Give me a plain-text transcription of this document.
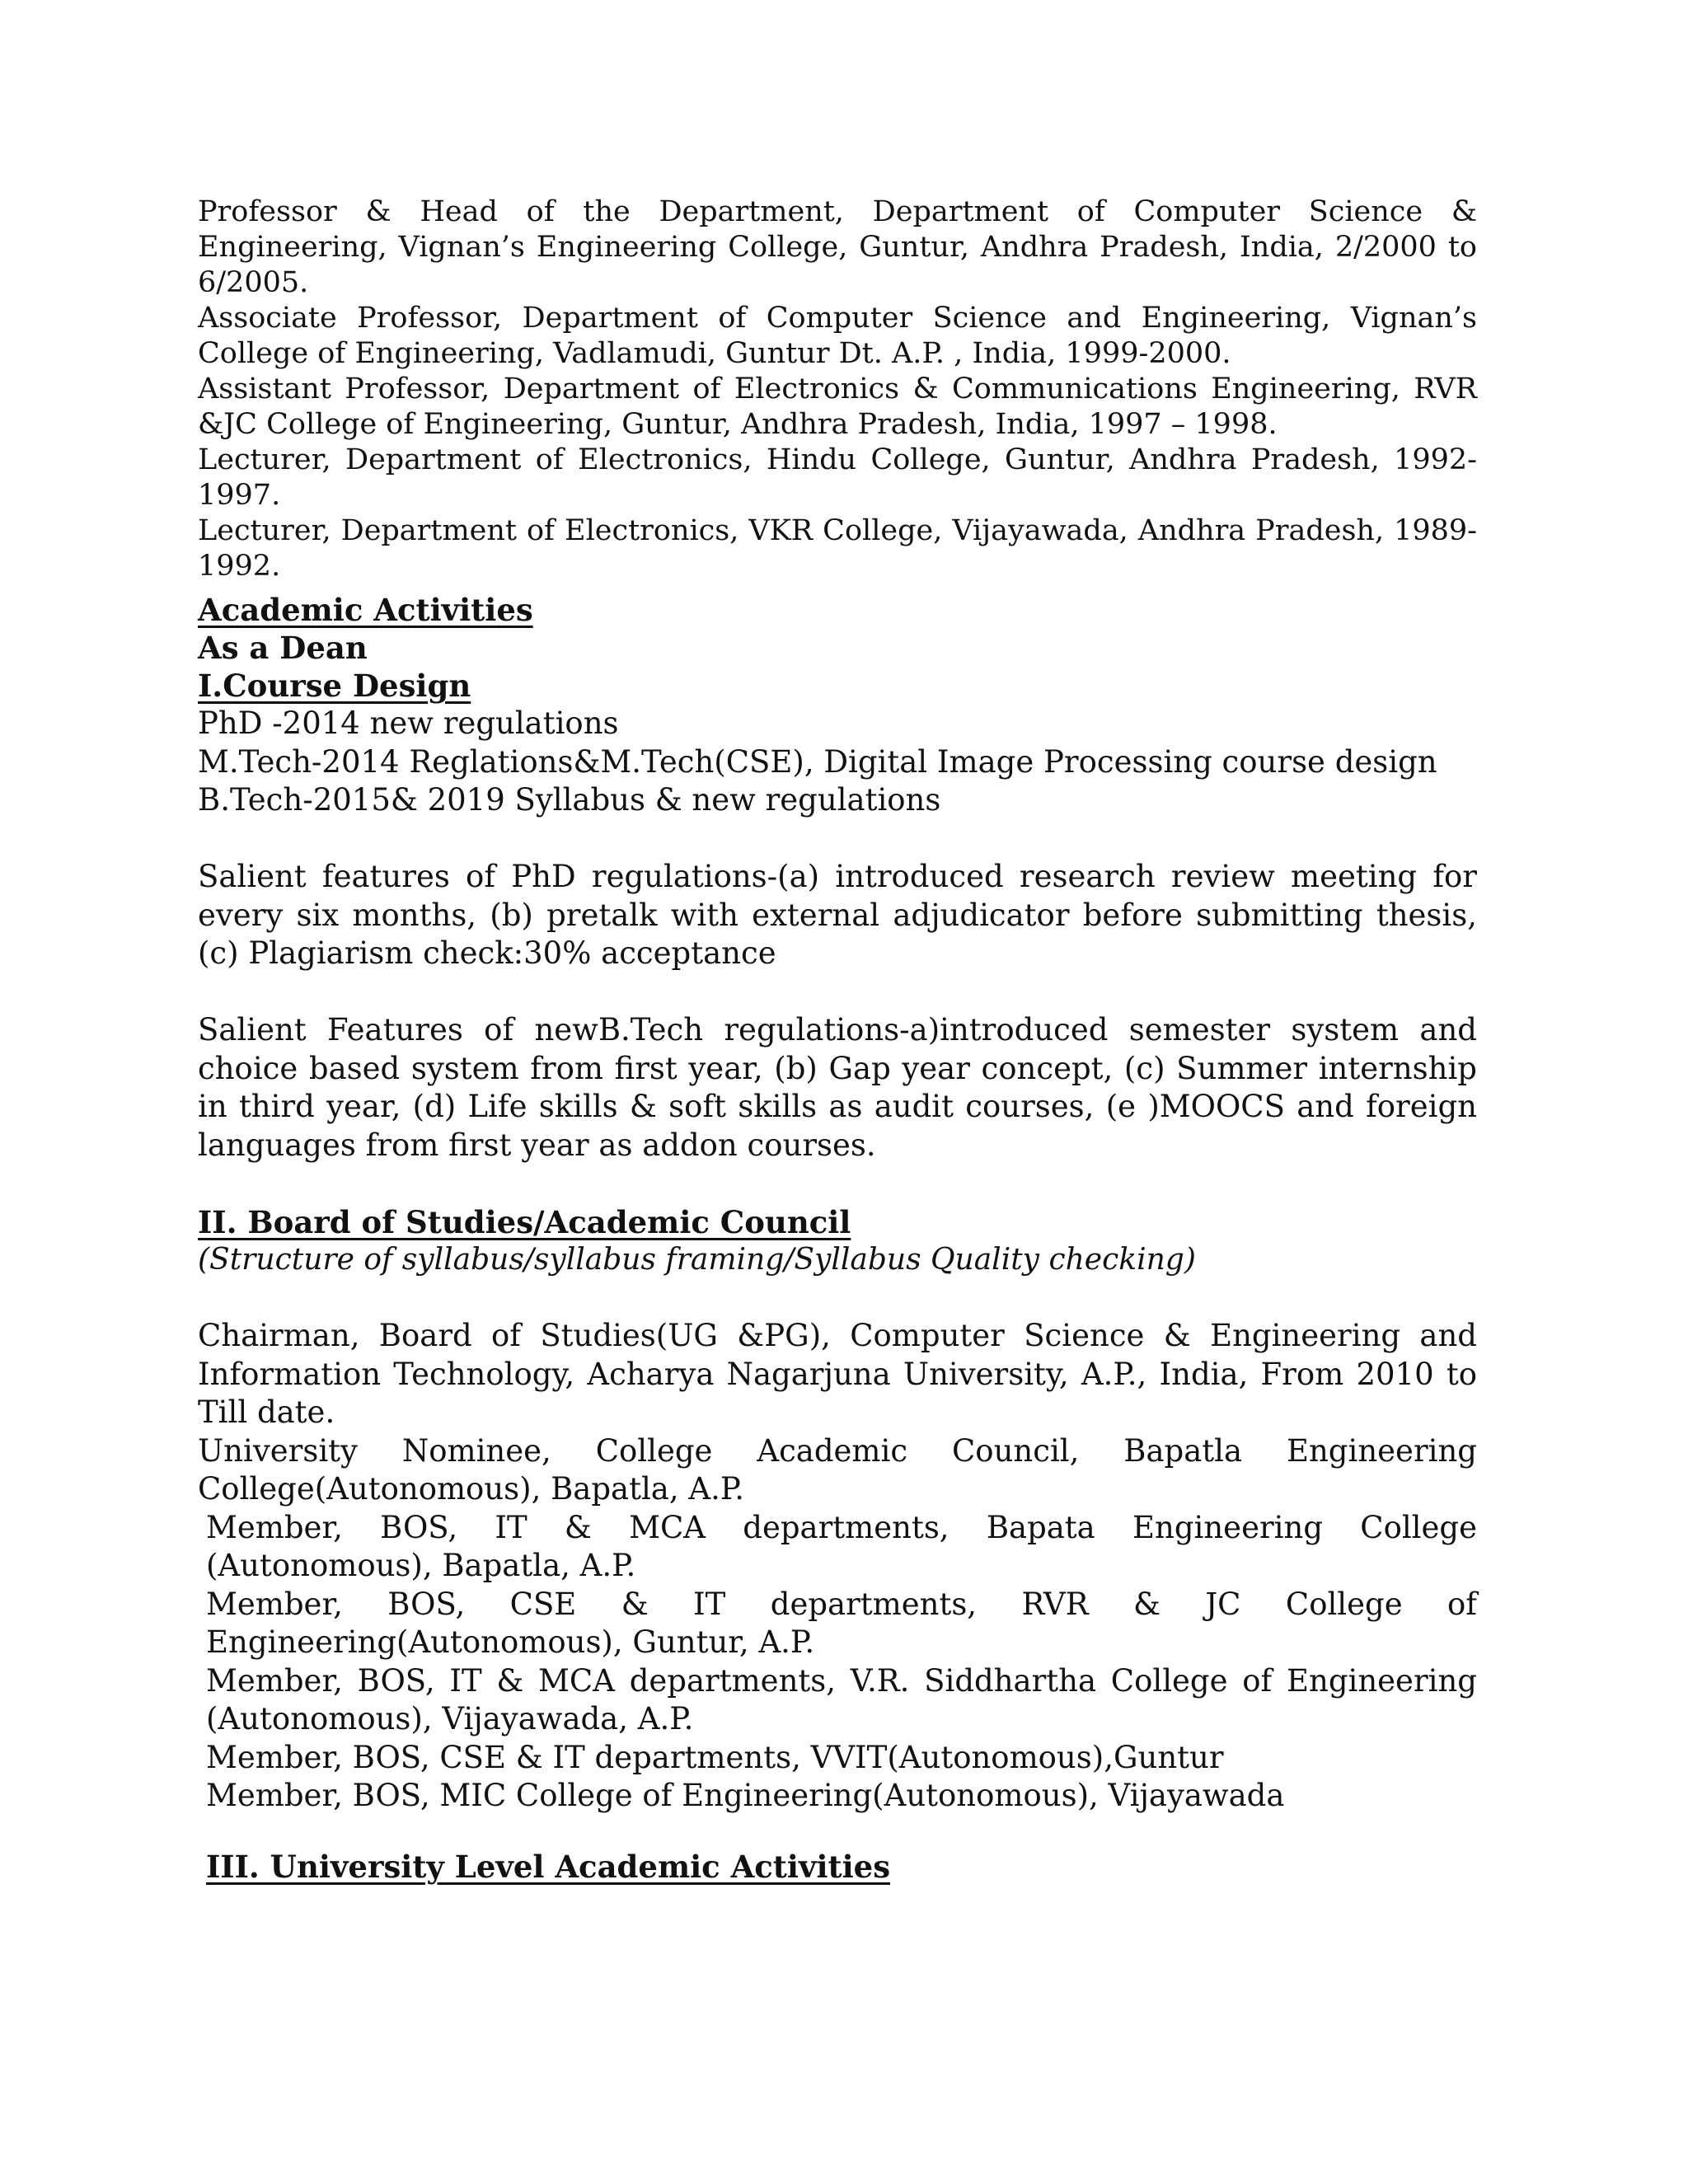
Professor & Head of the Department, Department of Computer Science & Engineering, Vignan’s Engineering College, Guntur, Andhra Pradesh, India, 2/2000 to 6/2005.

Associate Professor, Department of Computer Science and Engineering, Vignan’s College of Engineering, Vadlamudi, Guntur Dt. A.P. , India, 1999-2000.

Assistant Professor, Department of Electronics & Communications Engineering, RVR &JC College of Engineering, Guntur, Andhra Pradesh, India, 1997 – 1998.

Lecturer, Department of Electronics, Hindu College, Guntur, Andhra Pradesh, 1992-1997.

Lecturer, Department of Electronics, VKR College, Vijayawada, Andhra Pradesh, 1989-1992.

Academic Activities

As a Dean

I.Course Design

PhD -2014 new regulations

M.Tech-2014 Reglations&M.Tech(CSE), Digital Image Processing course design

B.Tech-2015& 2019 Syllabus & new regulations

Salient features of PhD regulations-(a) introduced research review meeting for every six months, (b) pretalk with external adjudicator before submitting thesis, (c) Plagiarism check:30% acceptance

Salient Features of newB.Tech regulations-a)introduced semester system and choice based system from first year, (b) Gap year concept, (c) Summer internship in third year, (d) Life skills & soft skills as audit courses, (e )MOOCS and foreign languages from first year as addon courses.

II. Board of Studies/Academic Council

(Structure of syllabus/syllabus framing/Syllabus Quality checking)

Chairman, Board of Studies(UG &PG), Computer Science & Engineering and Information Technology, Acharya Nagarjuna University, A.P., India, From 2010 to Till date.

University Nominee, College Academic Council, Bapatla Engineering College(Autonomous), Bapatla, A.P.

Member, BOS, IT & MCA departments, Bapata Engineering College (Autonomous), Bapatla, A.P.

Member, BOS, CSE & IT departments, RVR & JC College of Engineering(Autonomous), Guntur, A.P.

Member, BOS, IT & MCA departments, V.R. Siddhartha College of Engineering (Autonomous), Vijayawada, A.P.

Member, BOS, CSE & IT departments, VVIT(Autonomous),Guntur

Member, BOS, MIC College of Engineering(Autonomous), Vijayawada

III. University Level Academic Activities
